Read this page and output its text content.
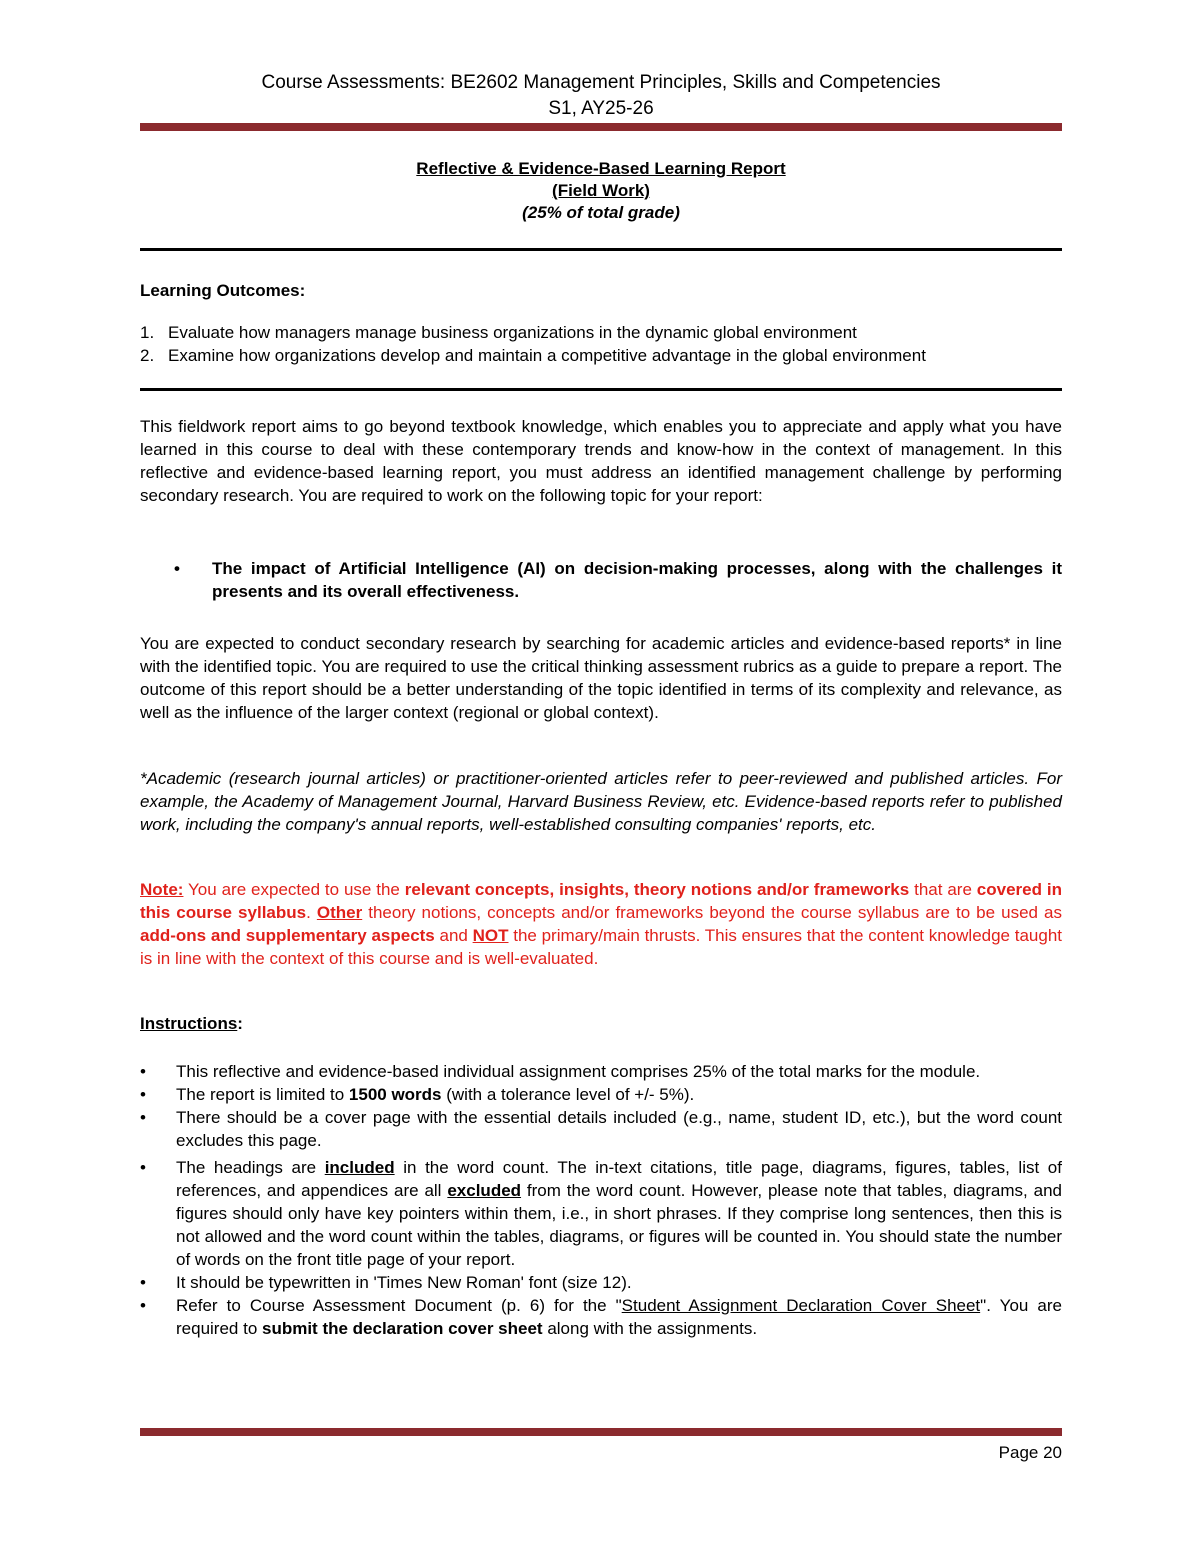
Course Assessments: BE2602 Management Principles, Skills and Competencies
S1, AY25-26
Reflective & Evidence-Based Learning Report
(Field Work)
(25% of total grade)
Learning Outcomes:
1. Evaluate how managers manage business organizations in the dynamic global environment
2. Examine how organizations develop and maintain a competitive advantage in the global environment

This fieldwork report aims to go beyond textbook knowledge, which enables you to appreciate and apply what you have learned in this course to deal with these contemporary trends and know-how in the context of management. In this reflective and evidence-based learning report, you must address an identified management challenge by performing secondary research. You are required to work on the following topic for your report:

• The impact of Artificial Intelligence (AI) on decision-making processes, along with the challenges it presents and its overall effectiveness.

You are expected to conduct secondary research by searching for academic articles and evidence-based reports* in line with the identified topic. You are required to use the critical thinking assessment rubrics as a guide to prepare a report. The outcome of this report should be a better understanding of the topic identified in terms of its complexity and relevance, as well as the influence of the larger context (regional or global context).

*Academic (research journal articles) or practitioner-oriented articles refer to peer-reviewed and published articles. For example, the Academy of Management Journal, Harvard Business Review, etc. Evidence-based reports refer to published work, including the company's annual reports, well-established consulting companies' reports, etc.

Note: You are expected to use the relevant concepts, insights, theory notions and/or frameworks that are covered in this course syllabus. Other theory notions, concepts and/or frameworks beyond the course syllabus are to be used as add-ons and supplementary aspects and NOT the primary/main thrusts. This ensures that the content knowledge taught is in line with the context of this course and is well-evaluated.

Instructions:
• This reflective and evidence-based individual assignment comprises 25% of the total marks for the module.
• The report is limited to 1500 words (with a tolerance level of +/- 5%).
• There should be a cover page with the essential details included (e.g., name, student ID, etc.), but the word count excludes this page.
• The headings are included in the word count. The in-text citations, title page, diagrams, figures, tables, list of references, and appendices are all excluded from the word count. However, please note that tables, diagrams, and figures should only have key pointers within them, i.e., in short phrases. If they comprise long sentences, then this is not allowed and the word count within the tables, diagrams, or figures will be counted in. You should state the number of words on the front title page of your report.
• It should be typewritten in 'Times New Roman' font (size 12).
• Refer to Course Assessment Document (p. 6) for the "Student Assignment Declaration Cover Sheet". You are required to submit the declaration cover sheet along with the assignments.
Page 20
